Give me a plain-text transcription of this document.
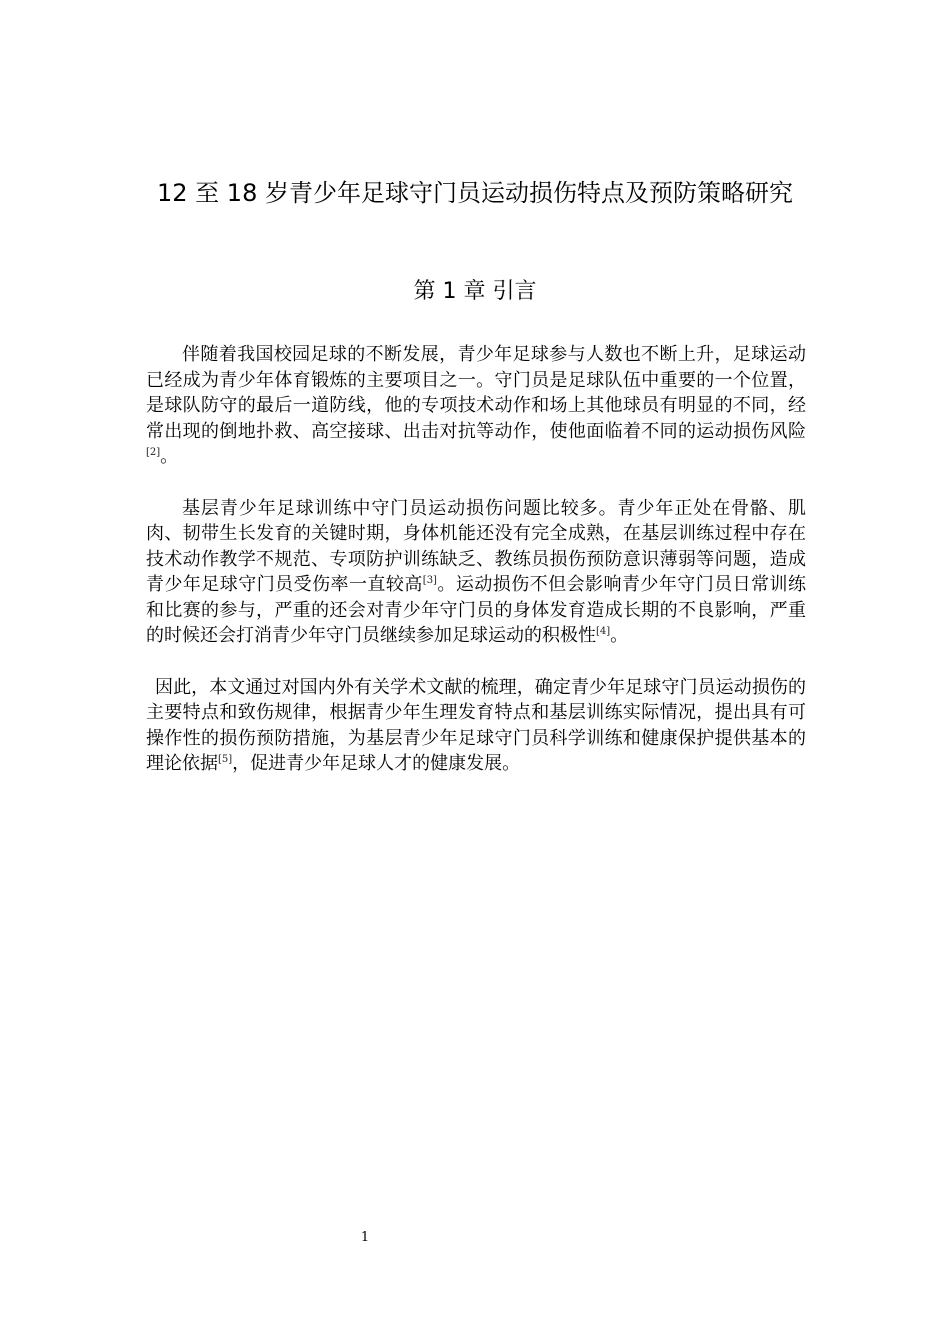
12 至 18 岁青少年足球守门员运动损伤特点及预防策略研究
第 1 章 引言

伴随着我国校园足球的不断发展，青少年足球参与人数也不断上升，足球运动已经成为青少年体育锻炼的主要项目之一。守门员是足球队伍中重要的一个位置，是球队防守的最后一道防线，他的专项技术动作和场上其他球员有明显的不同，经常出现的倒地扑救、高空接球、出击对抗等动作，使他面临着不同的运动损伤风险[2]。

基层青少年足球训练中守门员运动损伤问题比较多。青少年正处在骨骼、肌肉、韧带生长发育的关键时期，身体机能还没有完全成熟，在基层训练过程中存在技术动作教学不规范、专项防护训练缺乏、教练员损伤预防意识薄弱等问题，造成青少年足球守门员受伤率一直较高[3]。运动损伤不但会影响青少年守门员日常训练和比赛的参与，严重的还会对青少年守门员的身体发育造成长期的不良影响，严重的时候还会打消青少年守门员继续参加足球运动的积极性[4]。

因此，本文通过对国内外有关学术文献的梳理，确定青少年足球守门员运动损伤的主要特点和致伤规律，根据青少年生理发育特点和基层训练实际情况，提出具有可操作性的损伤预防措施，为基层青少年足球守门员科学训练和健康保护提供基本的理论依据[5]，促进青少年足球人才的健康发展。

1
